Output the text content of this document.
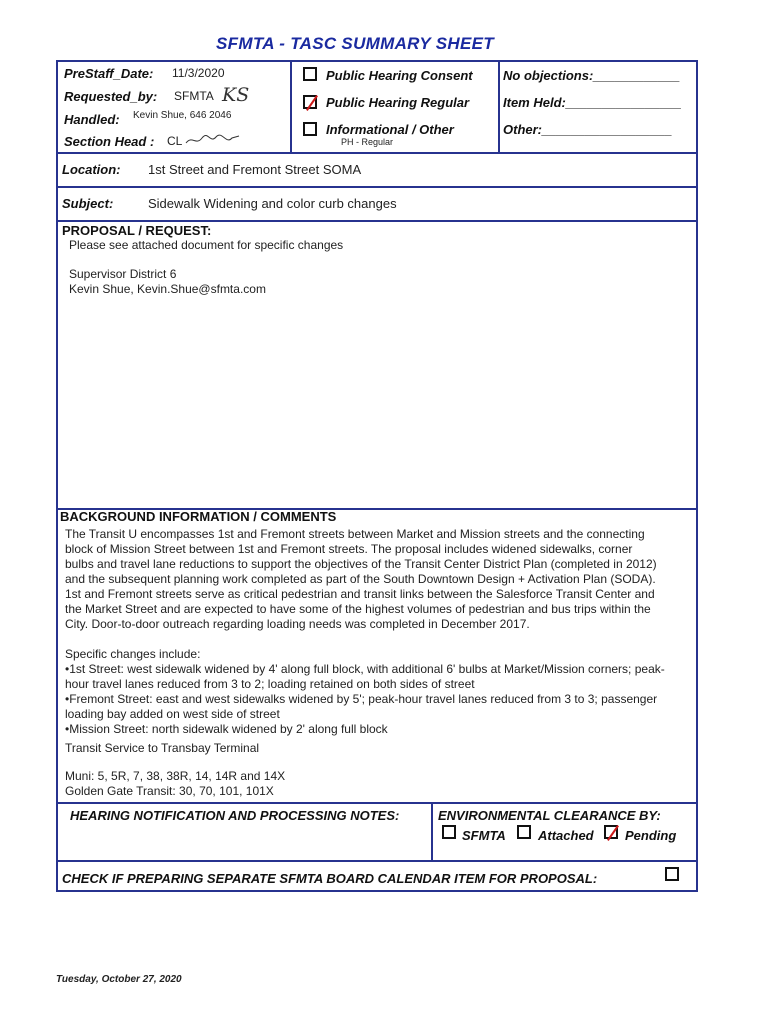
SFMTA - TASC SUMMARY SHEET
PreStaff_Date: 11/3/2020
Requested_by: SFMTA KS
Handled: Kevin Shue, 646 2046
Section Head : CL
Public Hearing Consent
Public Hearing Regular
Informational / Other
PH - Regular
No objections:____________
Item Held:________________
Other:__________________
Location: 1st Street and Fremont Street SOMA
Subject:	Sidewalk Widening and color curb changes
PROPOSAL / REQUEST:
Please see attached document for specific changes
Supervisor District 6
Kevin Shue, Kevin.Shue@sfmta.com
BACKGROUND INFORMATION / COMMENTS
The Transit U encompasses 1st and Fremont streets between Market and Mission streets and the connecting
block of Mission Street between 1st and Fremont streets. The proposal includes widened sidewalks, corner
bulbs and travel lane reductions to support the objectives of the Transit Center District Plan (completed in 2012)
and the subsequent planning work completed as part of the South Downtown Design + Activation Plan (SODA).
1st and Fremont streets serve as critical pedestrian and transit links between the Salesforce Transit Center and
the Market Street and are expected to have some of the highest volumes of pedestrian and bus trips within the
City. Door-to-door outreach regarding loading needs was completed in December 2017.
Specific changes include:
•1st Street: west sidewalk widened by 4' along full block, with additional 6' bulbs at Market/Mission corners; peak-
hour travel lanes reduced from 3 to 2; loading retained on both sides of street
•Fremont Street: east and west sidewalks widened by 5'; peak-hour travel lanes reduced from 3 to 3; passenger
loading bay added on west side of street
•Mission Street: north sidewalk widened by 2' along full block
Transit Service to Transbay Terminal
Muni: 5, 5R, 7, 38, 38R, 14, 14R and 14X
Golden Gate Transit: 30, 70, 101, 101X
HEARING NOTIFICATION AND PROCESSING NOTES:	ENVIRONMENTAL CLEARANCE BY:
SFMTA Attached Pending
CHECK IF PREPARING SEPARATE SFMTA BOARD CALENDAR ITEM FOR PROPOSAL:
Tuesday, October 27, 2020
